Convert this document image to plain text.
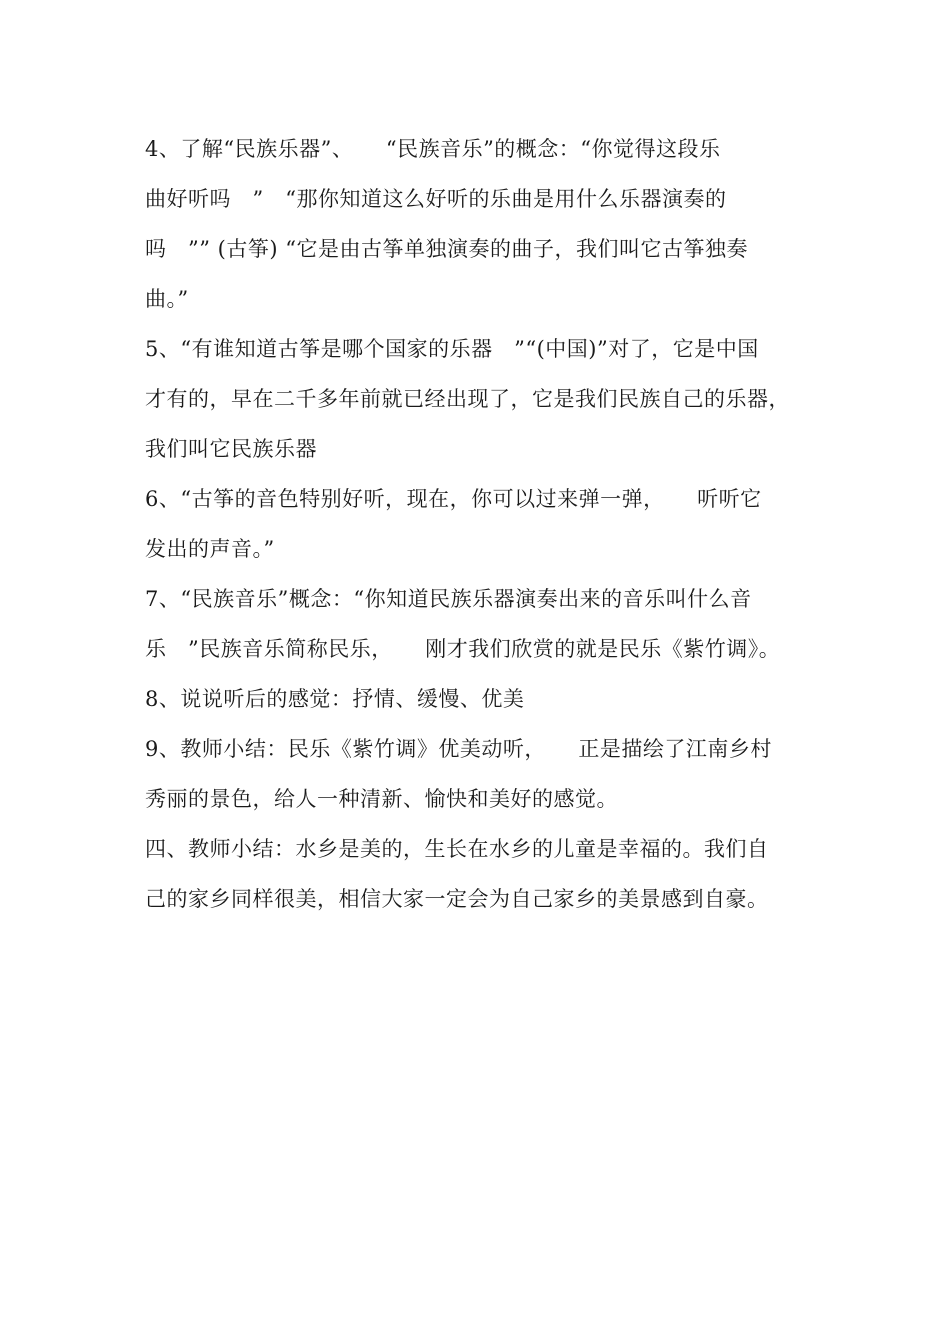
4、了解“民族乐器”、　　“民族音乐”的概念：“你觉得这段乐
曲好听吗　”　“那你知道这么好听的乐曲是用什么乐器演奏的
吗　”” (古筝) “它是由古筝单独演奏的曲子，我们叫它古筝独奏
曲。”
5、“有谁知道古筝是哪个国家的乐器　”“(中国)”对了，它是中国
才有的，早在二千多年前就已经出现了，它是我们民族自己的乐器，
我们叫它民族乐器
6、“古筝的音色特别好听，现在，你可以过来弹一弹，　　听听它
发出的声音。”
7、“民族音乐”概念：“你知道民族乐器演奏出来的音乐叫什么音
乐　”民族音乐简称民乐，　　刚才我们欣赏的就是民乐《紫竹调》。
8、说说听后的感觉：抒情、缓慢、优美
9、教师小结：民乐《紫竹调》优美动听，　　正是描绘了江南乡村
秀丽的景色，给人一种清新、愉快和美好的感觉。
四、教师小结：水乡是美的，生长在水乡的儿童是幸福的。我们自
己的家乡同样很美，相信大家一定会为自己家乡的美景感到自豪。
